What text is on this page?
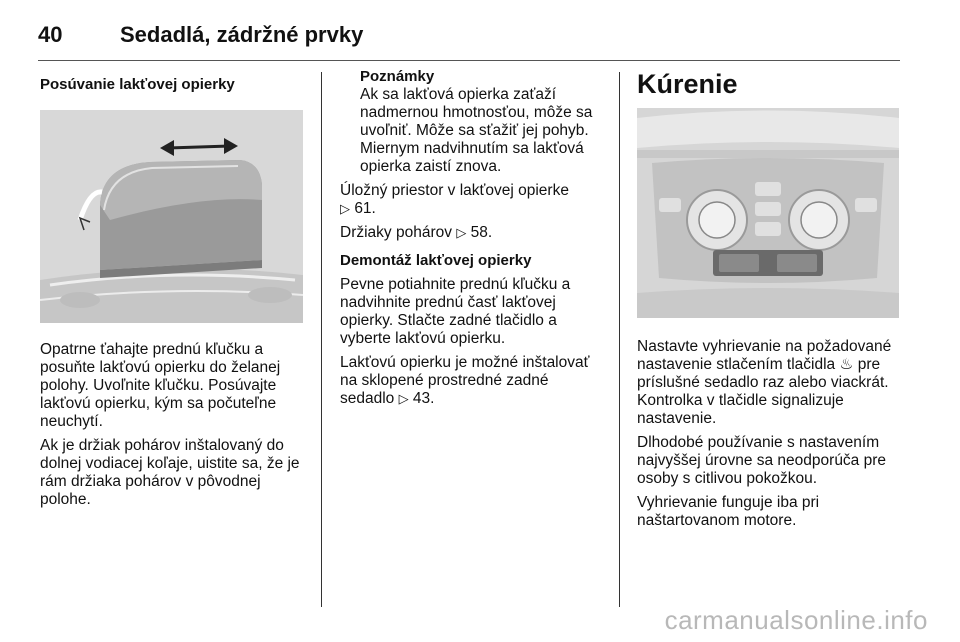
40	Sedadlá, zádržné prvky

Posúvanie lakťovej opierky

Opatrne ťahajte prednú kľučku a posuňte lakťovú opierku do želanej polohy. Uvoľnite kľučku. Posúvajte lakťovú opierku, kým sa počuteľne neuchytí.

Ak je držiak pohárov inštalovaný do dolnej vodiacej koľaje, uistite sa, že je rám držiaka pohárov v pôvodnej polohe.

Poznámky
Ak sa lakťová opierka zaťaží nadmernou hmotnosťou, môže sa uvoľniť. Môže sa sťažiť jej pohyb. Miernym nadvihnutím sa lakťová opierka zaistí znova.

Úložný priestor v lakťovej opierke
▷ 61.

Držiaky pohárov ▷ 58.

Demontáž lakťovej opierky

Pevne potiahnite prednú kľučku a nadvihnite prednú časť lakťovej opierky. Stlačte zadné tlačidlo a vyberte lakťovú opierku.

Lakťovú opierku je možné inštalovať na sklopené prostredné zadné sedadlo ▷ 43.

Kúrenie

Nastavte vyhrievanie na požadované nastavenie stlačením tlačidla ♨ pre príslušné sedadlo raz alebo viackrát. Kontrolka v tlačidle signalizuje nastavenie.

Dlhodobé používanie s nastavením najvyššej úrovne sa neodporúča pre osoby s citlivou pokožkou.

Vyhrievanie funguje iba pri naštartovanom motore.

carmanualsonline.info
